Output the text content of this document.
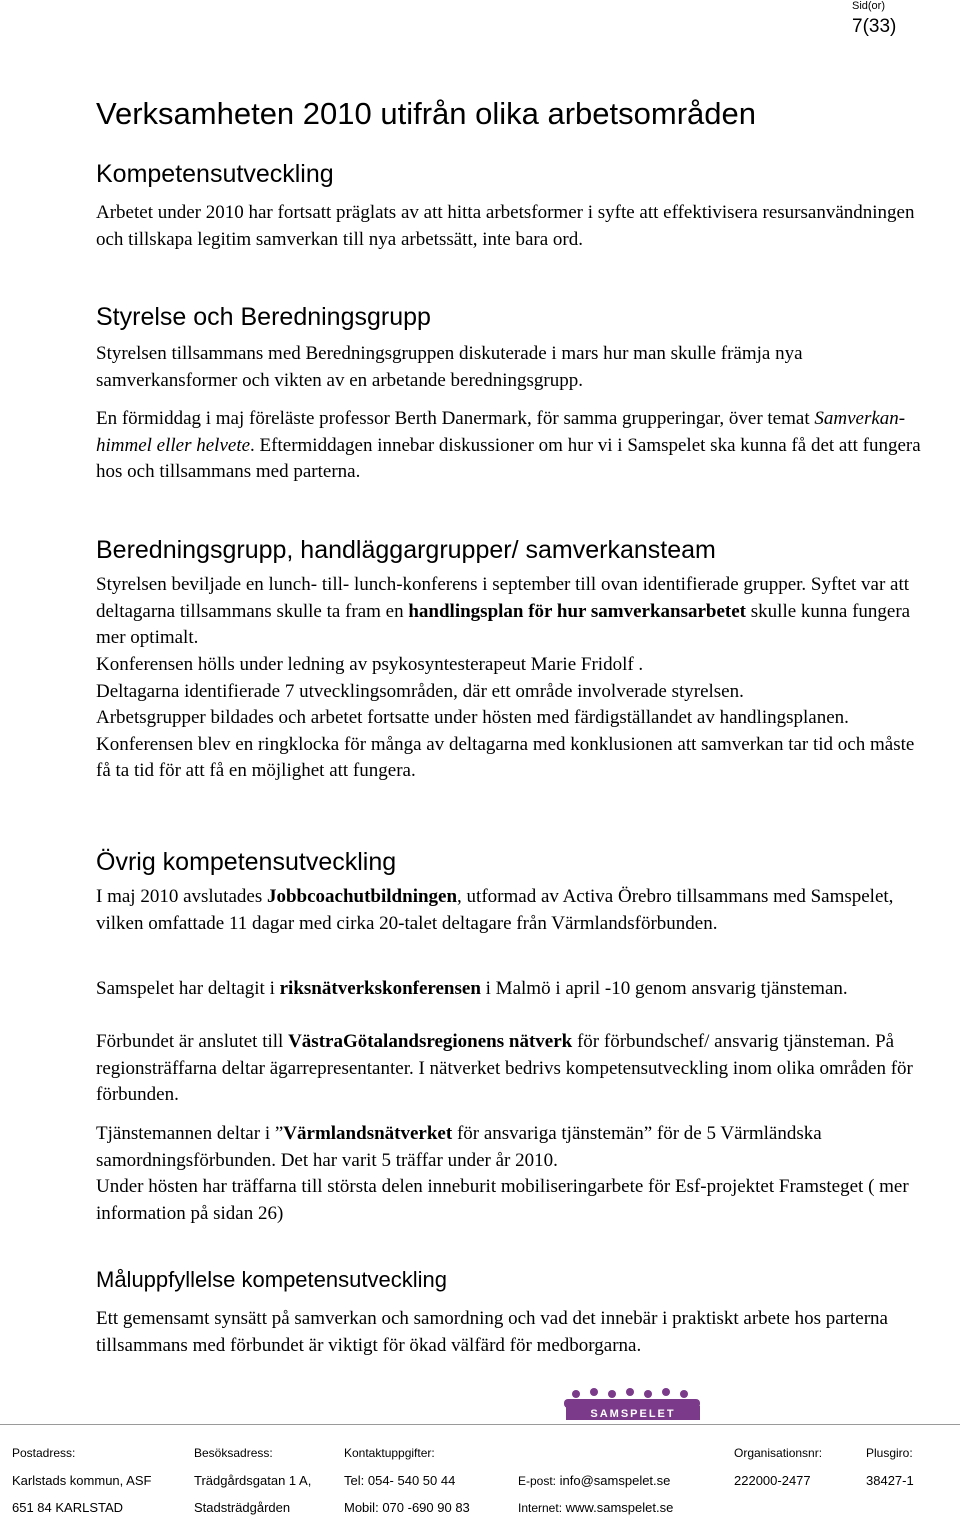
Sid(or)
7(33)
Verksamheten 2010 utifrån olika arbetsområden
Kompetensutveckling

Arbetet under 2010 har fortsatt präglats av att hitta arbetsformer i syfte att effektivisera resursanvändningen och tillskapa legitim samverkan till nya arbetssätt, inte bara ord.

Styrelse och Beredningsgrupp

Styrelsen tillsammans med Beredningsgruppen diskuterade i mars hur man skulle främja nya samverkansformer och vikten av en arbetande beredningsgrupp.

En förmiddag i maj föreläste professor Berth Danermark, för samma grupperingar, över temat Samverkan- himmel eller helvete. Eftermiddagen innebar diskussioner om hur vi i Samspelet ska kunna få det att fungera hos och tillsammans med parterna.

Beredningsgrupp, handläggargrupper/ samverkansteam

Styrelsen beviljade en lunch- till- lunch-konferens i september till ovan identifierade grupper. Syftet var att deltagarna tillsammans skulle ta fram en handlingsplan för hur samverkansarbetet skulle kunna fungera mer optimalt.

Konferensen hölls under ledning av psykosyntesterapeut Marie Fridolf .

Deltagarna identifierade 7 utvecklingsområden, där ett område involverade styrelsen.

Arbetsgrupper bildades och arbetet fortsatte under hösten med färdigställandet av handlingsplanen. Konferensen blev en ringklocka för många av deltagarna med konklusionen att samverkan tar tid och måste få ta tid för att få en möjlighet att fungera.

Övrig kompetensutveckling

I maj 2010 avslutades Jobbcoachutbildningen, utformad av Activa Örebro tillsammans med Samspelet, vilken omfattade 11 dagar med cirka 20-talet deltagare från Värmlandsförbunden.

Samspelet har deltagit i riksnätverkskonferensen i Malmö i april -10 genom ansvarig tjänsteman.

Förbundet är anslutet till VästraGötalandsregionens nätverk för förbundschef/ ansvarig tjänsteman. På regionsträffarna deltar ägarrepresentanter. I nätverket bedrivs kompetensutveckling inom olika områden för förbunden.

Tjänstemannen deltar i ”Värmlandsnätverket för ansvariga tjänstemän” för de 5 Värmländska samordningsförbunden. Det har varit 5 träffar under år 2010.

Under hösten har träffarna till största delen inneburit mobiliseringarbete för Esf-projektet Framsteget ( mer information på sidan 26)

Måluppfyllelse kompetensutveckling

Ett gemensamt synsätt på samverkan och samordning och vad det innebär i praktiskt arbete hos parterna tillsammans med förbundet är viktigt för ökad välfärd för medborgarna.

SAMSPELET
Postadress:
Karlstads kommun, ASF
651 84 KARLSTAD
Besöksadress:
Trädgårdsgatan 1 A,
Stadsträdgården
Kontaktuppgifter:
Tel: 054- 540 50 44
Mobil: 070 -690 90 83
E-post: info@samspelet.se
Internet: www.samspelet.se
Organisationsnr:
222000-2477
Plusgiro:
38427-1
